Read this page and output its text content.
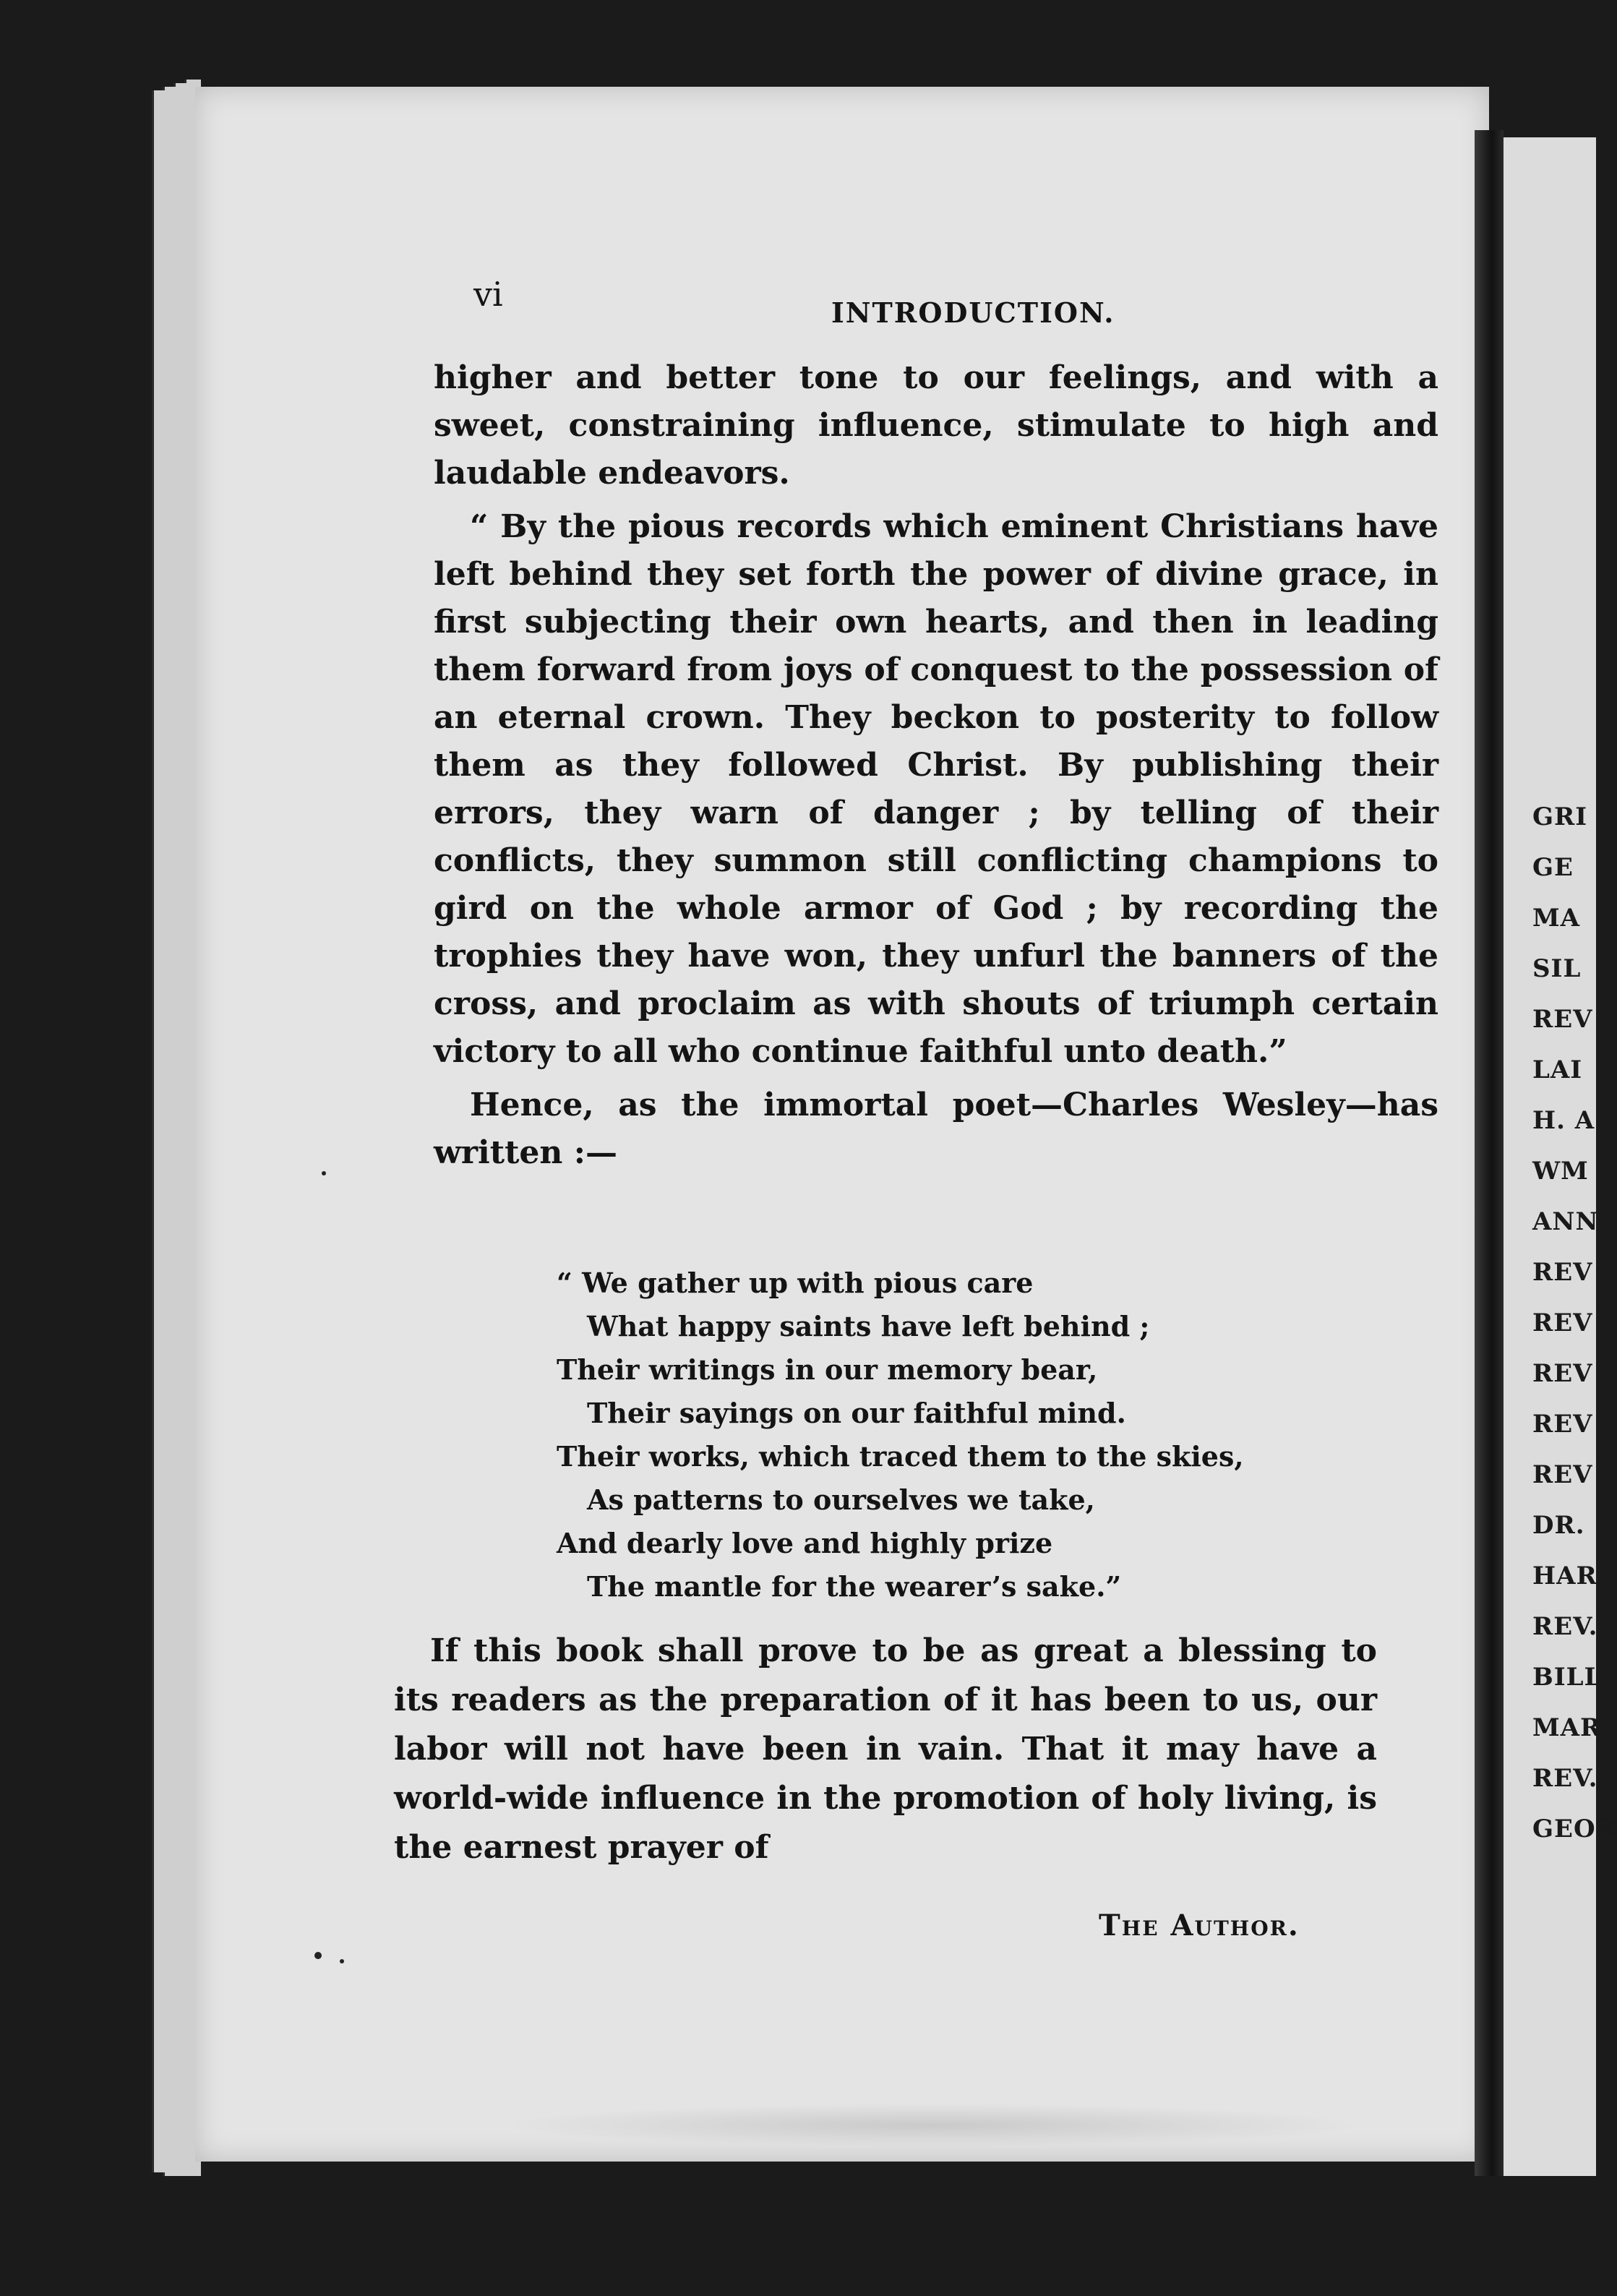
GRI
GE
MA
SIL
REV
LAI
H. A
WM
ANN
REV
REV
REV
REV
REV
DR.
HAR
REV.
BILL
MAR
REV.
GEOR
vi	INTRODUCTION.

higher and better tone to our feelings, and with a sweet, constraining influence, stimulate to high and laudable endeavors.

“ By the pious records which eminent Christians have left behind they set forth the power of divine grace, in first subjecting their own hearts, and then in leading them forward from joys of conquest to the possession of an eternal crown. They beckon to posterity to follow them as they followed Christ. By publishing their errors, they warn of danger ; by telling of their conflicts, they summon still conflicting champions to gird on the whole armor of God ; by recording the trophies they have won, they unfurl the banners of the cross, and proclaim as with shouts of triumph certain victory to all who continue faithful unto death.”

Hence, as the immortal poet—Charles Wesley—has written :—

“ We gather up with pious care
What happy saints have left behind ;
Their writings in our memory bear,
Their sayings on our faithful mind.
Their works, which traced them to the skies,
As patterns to ourselves we take,
And dearly love and highly prize
The mantle for the wearer’s sake.”

If this book shall prove to be as great a blessing to its readers as the preparation of it has been to us, our labor will not have been in vain. That it may have a world-wide influence in the promotion of holy living, is the earnest prayer of

The Author.
